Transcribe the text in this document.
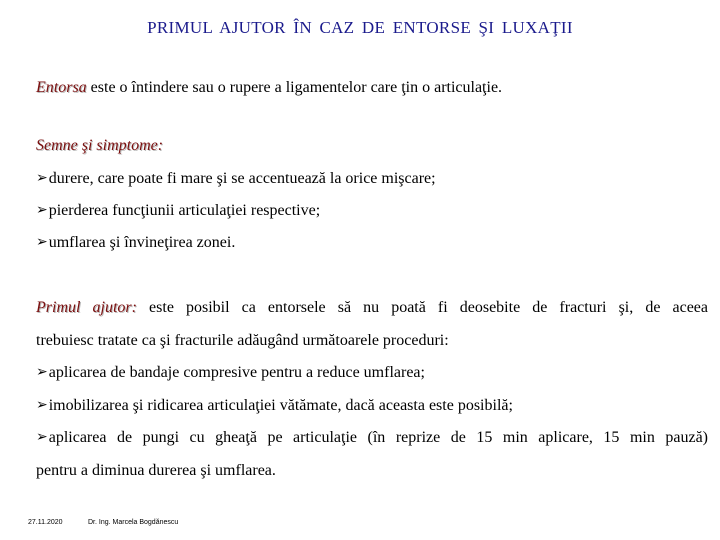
PRIMUL AJUTOR ÎN CAZ DE ENTORSE ŞI LUXAŢII
Entorsa este o întindere sau o rupere a ligamentelor care ţin o articulaţie.
Semne şi simptome:
➢durere, care poate fi mare şi se accentuează la orice mişcare;
➢pierderea funcţiunii articulaţiei respective;
➢umflarea şi învineţirea zonei.
Primul ajutor: este posibil ca entorsele să nu poată fi deosebite de fracturi şi, de aceea
trebuiesc tratate ca şi fracturile adăugând următoarele proceduri:
➢aplicarea de bandaje compresive pentru a reduce umflarea;
➢imobilizarea şi ridicarea articulaţiei vătămate, dacă aceasta este posibilă;
➢aplicarea de pungi cu gheaţă pe articulaţie (în reprize de 15 min aplicare, 15 min pauză)
pentru a diminua durerea şi umflarea.
27.11.2020	Dr. Ing. Marcela Bogdănescu
